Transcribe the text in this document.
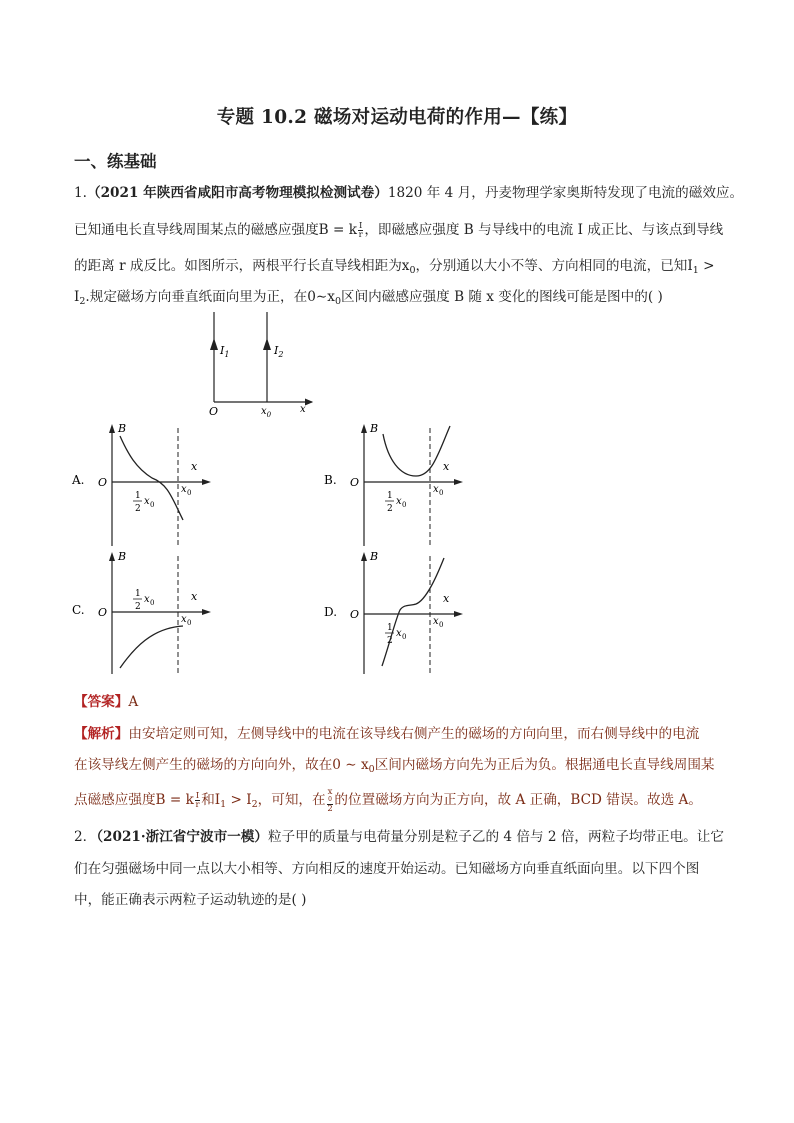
专题 10.2 磁场对运动电荷的作用—【练】
一、练基础
1.（2021 年陕西省咸阳市高考物理模拟检测试卷）1820 年 4 月，丹麦物理学家奥斯特发现了电流的磁效应。
已知通电长直导线周围某点的磁感应强度B = k $\frac{I}{r}$ ，即磁感应强度 B 与导线中的电流 I 成正比、与该点到导线
的距离 r 成反比。如图所示，两根平行长直导线相距为$x_0$，分别通以大小不等、方向相同的电流，已知$I_1$ >
$I_2$.规定磁场方向垂直纸面向里为正，在$0\sim x_0$区间内磁感应强度 B 随 x 变化的图线可能是图中的( )
$I_1$	$I_2$
O	$x_0$	x
A.
B
x
O
1
2
x 0
x 0
B.
B
x
O
1
2
x 0
x 0
C.
B
x
O
1
2
x 0
x 0
D.
B
x
O
1
2
x 0
x 0
【答案】A
【解析】由安培定则可知，左侧导线中的电流在该导线右侧产生的磁场的方向向里，而右侧导线中的电流
在该导线左侧产生的磁场的方向向外，故在0 ∼ $x_0$区间内磁场方向先为正后为负。根据通电长直导线周围某
点磁感应强度B = k $\frac{I}{r}$ 和$I_1 > I_2$，可知，在 x
0
2 的位置磁场方向为正方向，故 A 正确，BCD 错误。故选 A。
2．（2021·浙江省宁波市一模）粒子甲的质量与电荷量分别是粒子乙的 4 倍与 2 倍，两粒子均带正电。让它
们在匀强磁场中同一点以大小相等、方向相反的速度开始运动。已知磁场方向垂直纸面向里。以下四个图
中，能正确表示两粒子运动轨迹的是( )
